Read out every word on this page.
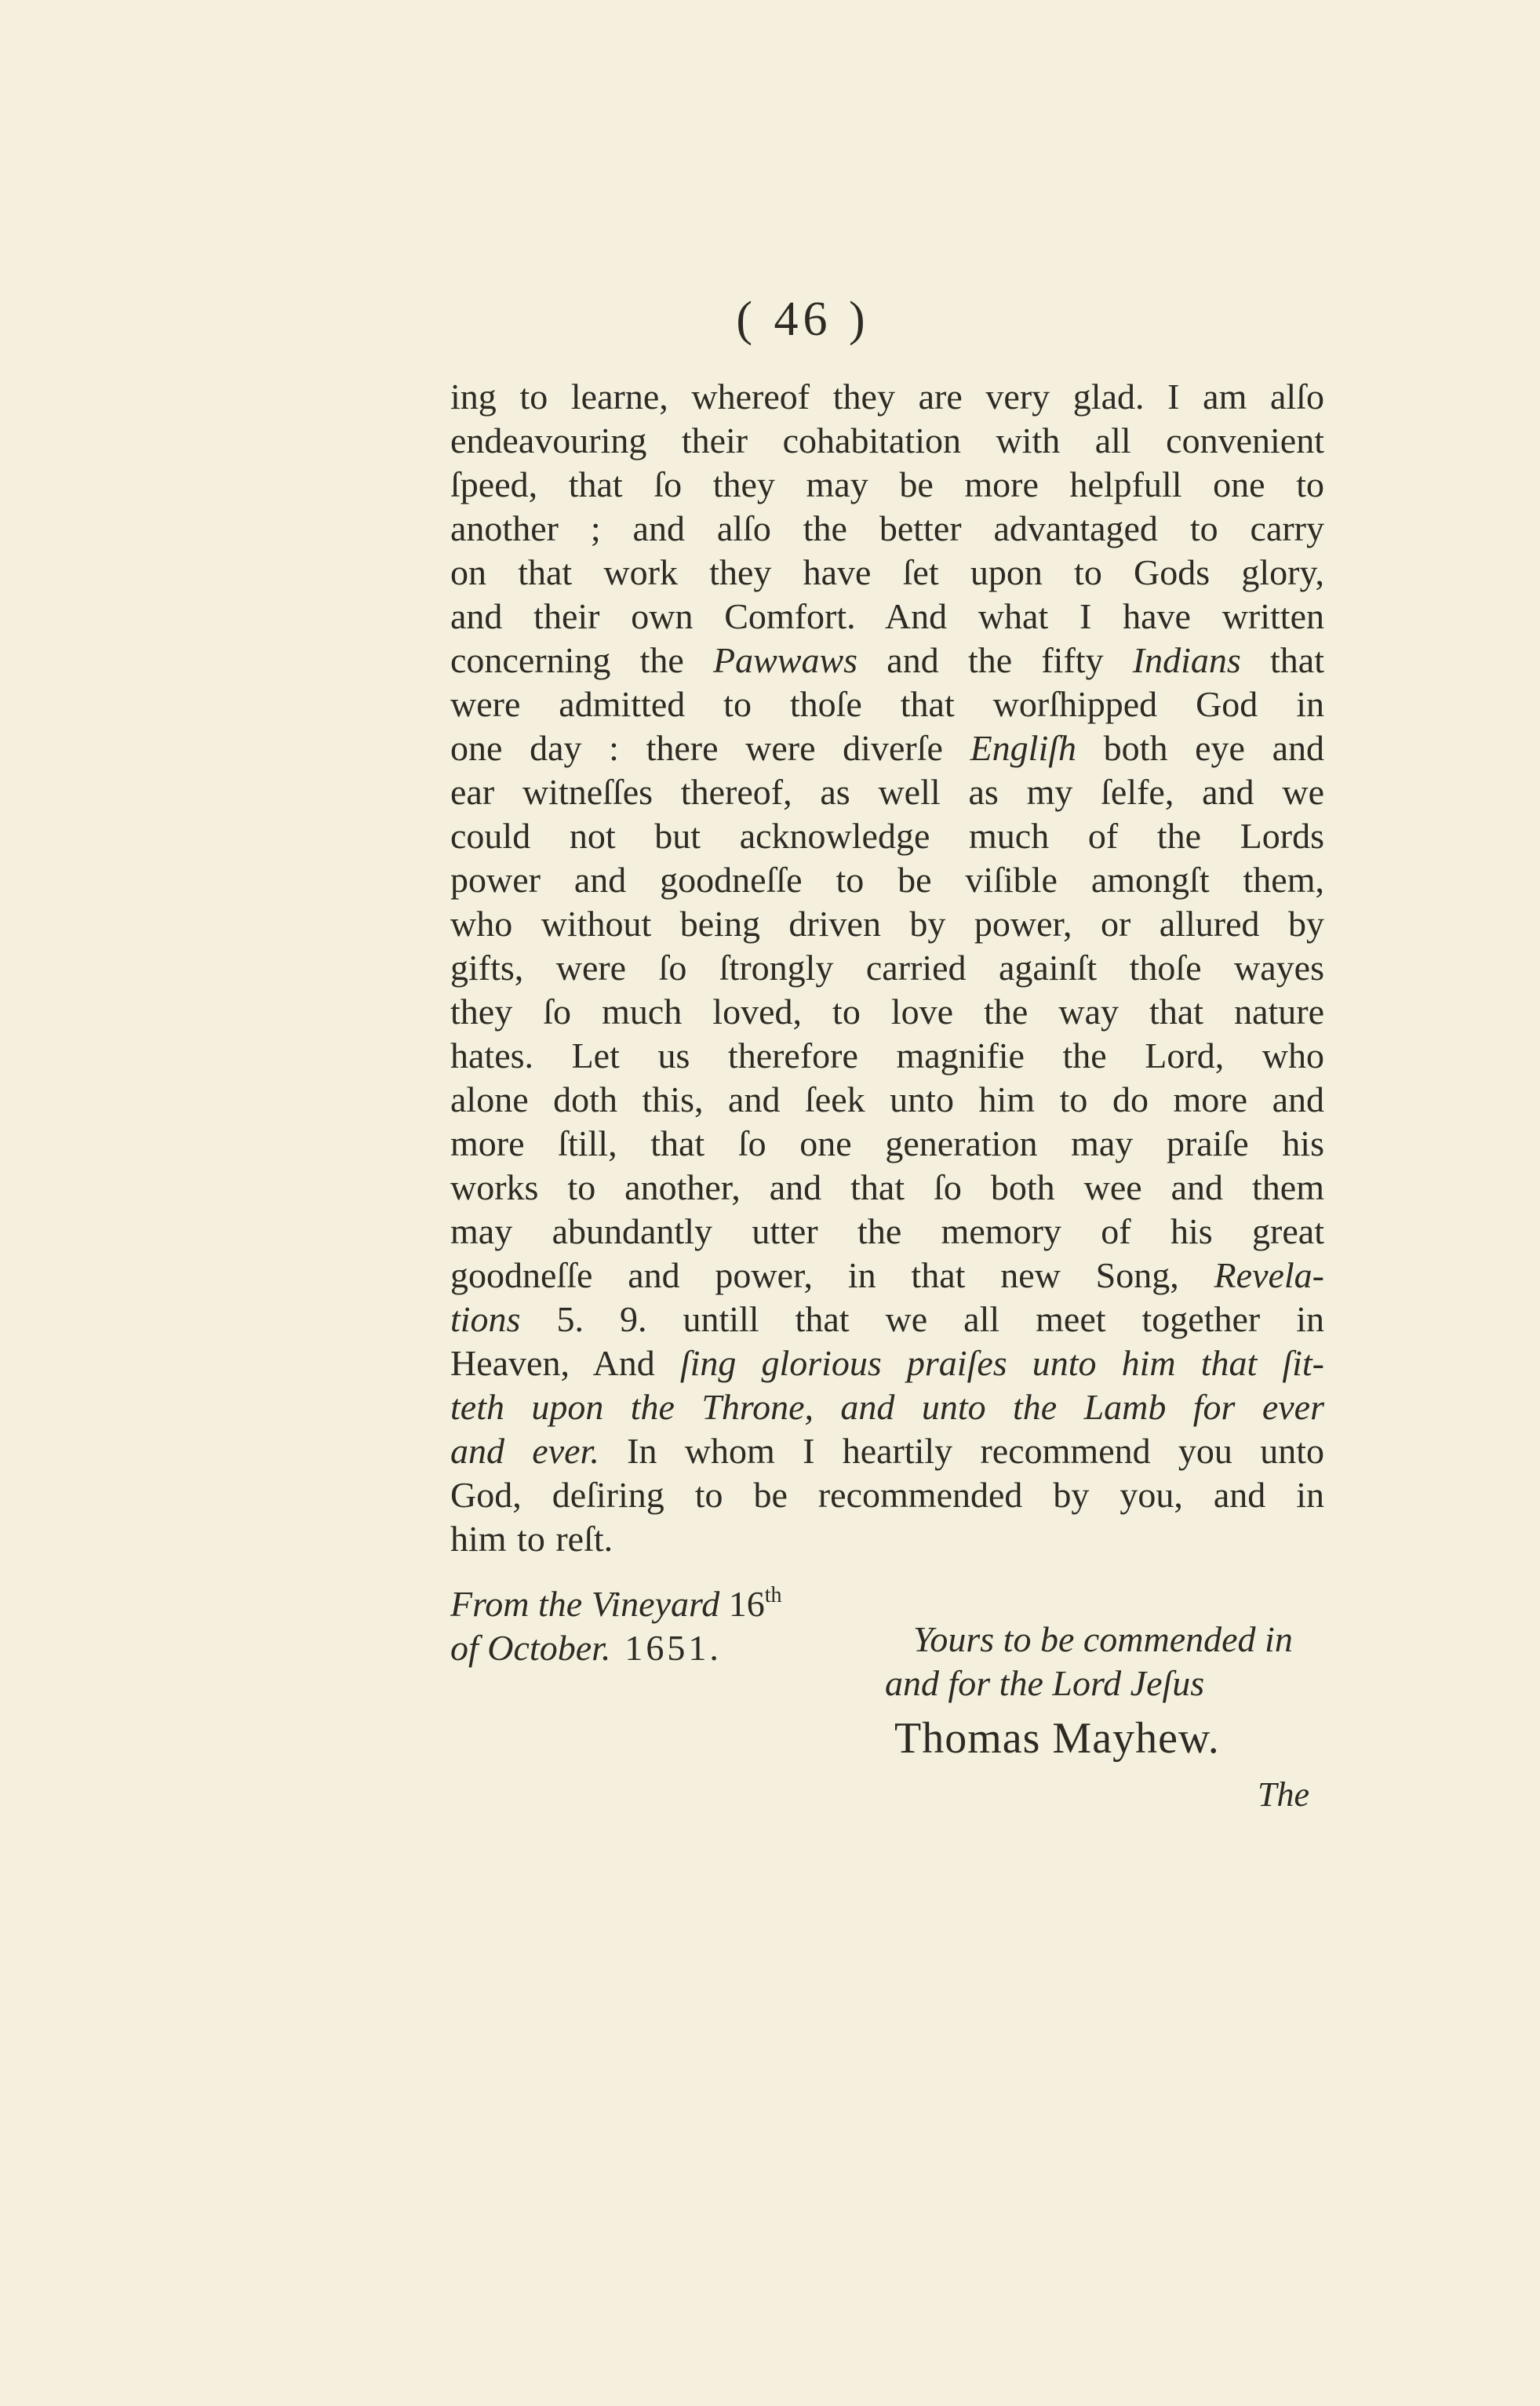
( 46 )
ing to learne, whereof they are very glad. I am alſo
endeavouring their cohabitation with all convenient
ſpeed, that ſo they may be more helpfull one to
another ; and alſo the better advantaged to carry
on that work they have ſet upon to Gods glory,
and their own Comfort. And what I have written
concerning the Pawwaws and the fifty Indians that
were admitted to thoſe that worſhipped God in
one day : there were diverſe Engliſh both eye and
ear witneſſes thereof, as well as my ſelfe, and we
could not but acknowledge much of the Lords
power and goodneſſe to be viſible amongſt them,
who without being driven by power, or allured by
gifts, were ſo ſtrongly carried againſt thoſe wayes
they ſo much loved, to love the way that nature
hates. Let us therefore magnifie the Lord, who
alone doth this, and ſeek unto him to do more and
more ſtill, that ſo one generation may praiſe his
works to another, and that ſo both wee and them
may abundantly utter the memory of his great
goodneſſe and power, in that new Song, Revela-
tions 5. 9. untill that we all meet together in
Heaven, And ſing glorious praiſes unto him that ſit-
teth upon the Throne, and unto the Lamb for ever
and ever. In whom I heartily recommend you unto
God, deſiring to be recommended by you, and in
him to reſt.
From the Vineyard 16th
of October. 1651.	Yours to be commended in
and for the Lord Jeſus
Thomas Mayhew.
The
